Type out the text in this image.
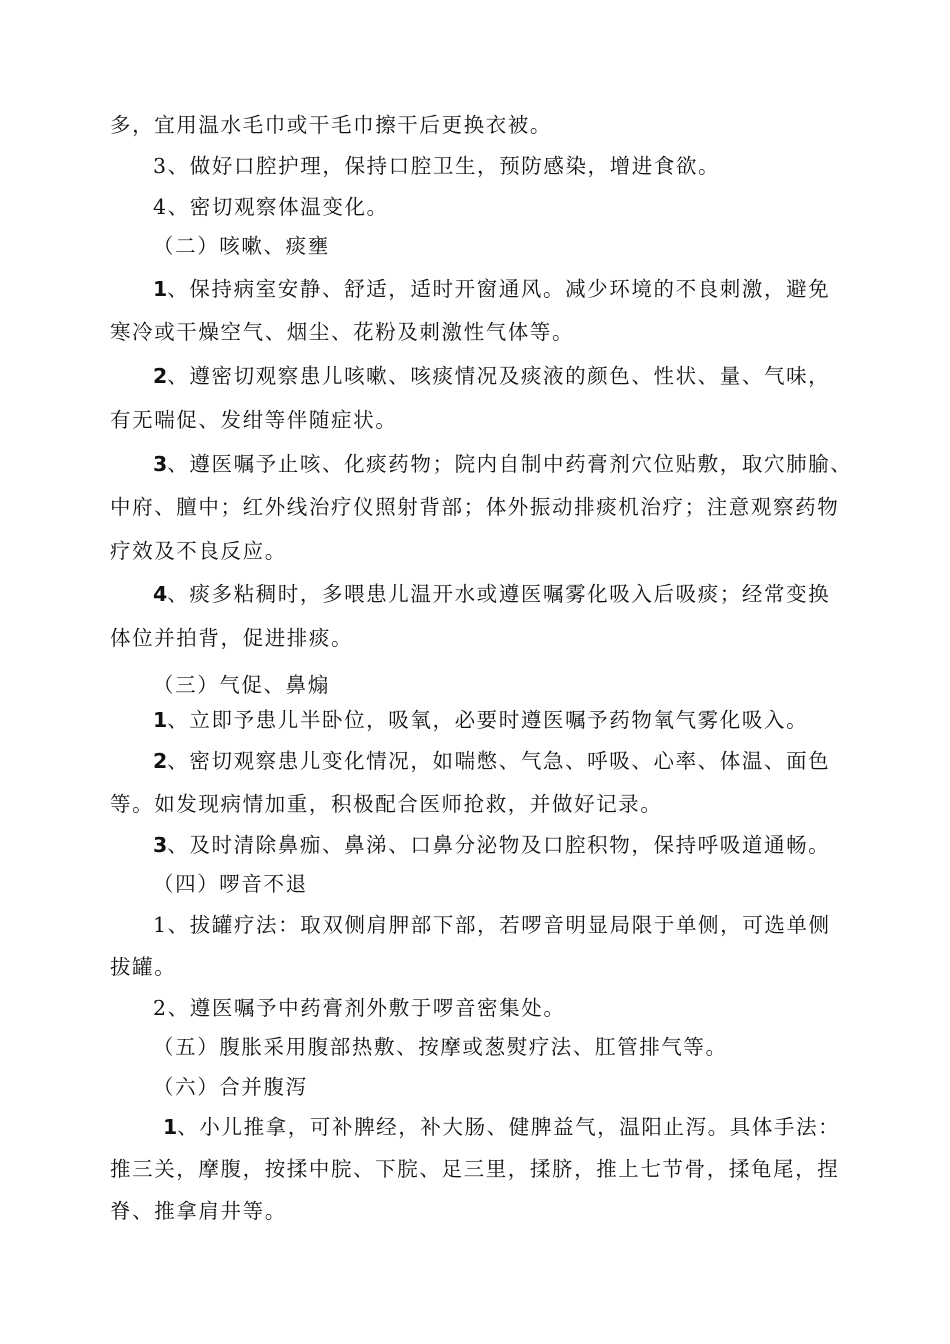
多，宜用温水毛巾或干毛巾擦干后更换衣被。

3、做好口腔护理，保持口腔卫生，预防感染，增进食欲。

4、密切观察体温变化。

（二）咳嗽、痰壅

1、保持病室安静、舒适，适时开窗通风。减少环境的不良刺激，避免

寒冷或干燥空气、烟尘、花粉及刺激性气体等。

2、遵密切观察患儿咳嗽、咳痰情况及痰液的颜色、性状、量、气味，

有无喘促、发绀等伴随症状。

3、遵医嘱予止咳、化痰药物；院内自制中药膏剂穴位贴敷，取穴肺腧、

中府、膻中；红外线治疗仪照射背部；体外振动排痰机治疗；注意观察药物

疗效及不良反应。

4、痰多粘稠时，多喂患儿温开水或遵医嘱雾化吸入后吸痰；经常变换

体位并拍背，促进排痰。

（三）气促、鼻煽

1、立即予患儿半卧位，吸氧，必要时遵医嘱予药物氧气雾化吸入。

2、密切观察患儿变化情况，如喘憋、气急、呼吸、心率、体温、面色

等。如发现病情加重，积极配合医师抢救，并做好记录。

3、及时清除鼻痂、鼻涕、口鼻分泌物及口腔积物，保持呼吸道通畅。

（四）啰音不退

1、拔罐疗法：取双侧肩胛部下部，若啰音明显局限于单侧，可选单侧

拔罐。

2、遵医嘱予中药膏剂外敷于啰音密集处。

（五）腹胀采用腹部热敷、按摩或葱熨疗法、肛管排气等。

（六）合并腹泻

1、小儿推拿，可补脾经，补大肠、健脾益气，温阳止泻。具体手法：

推三关，摩腹，按揉中脘、下脘、足三里，揉脐，推上七节骨，揉龟尾，捏

脊、推拿肩井等。
